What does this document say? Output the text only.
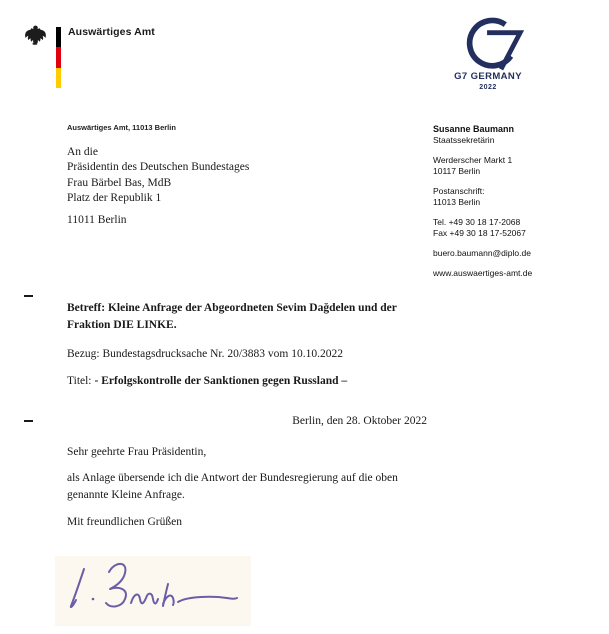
Auswärtiges Amt
G7 GERMANY
2022
Auswärtiges Amt, 11013 Berlin
An die
Präsidentin des Deutschen Bundestages
Frau Bärbel Bas, MdB
Platz der Republik 1
11011 Berlin
Susanne Baumann
Staatssekretärin
Werderscher Markt 1
10117 Berlin
Postanschrift:
11013 Berlin
Tel. +49 30 18 17-2068
Fax +49 30 18 17-52067
buero.baumann@diplo.de
www.auswaertiges-amt.de
Betreff: Kleine Anfrage der Abgeordneten Sevim Dağdelen und der
Fraktion DIE LINKE.
Bezug: Bundestagsdrucksache Nr. 20/3883 vom 10.10.2022
Titel: - Erfolgskontrolle der Sanktionen gegen Russland –
Berlin, den 28. Oktober 2022
Sehr geehrte Frau Präsidentin,
als Anlage übersende ich die Antwort der Bundesregierung auf die oben
genannte Kleine Anfrage.
Mit freundlichen Grüßen
